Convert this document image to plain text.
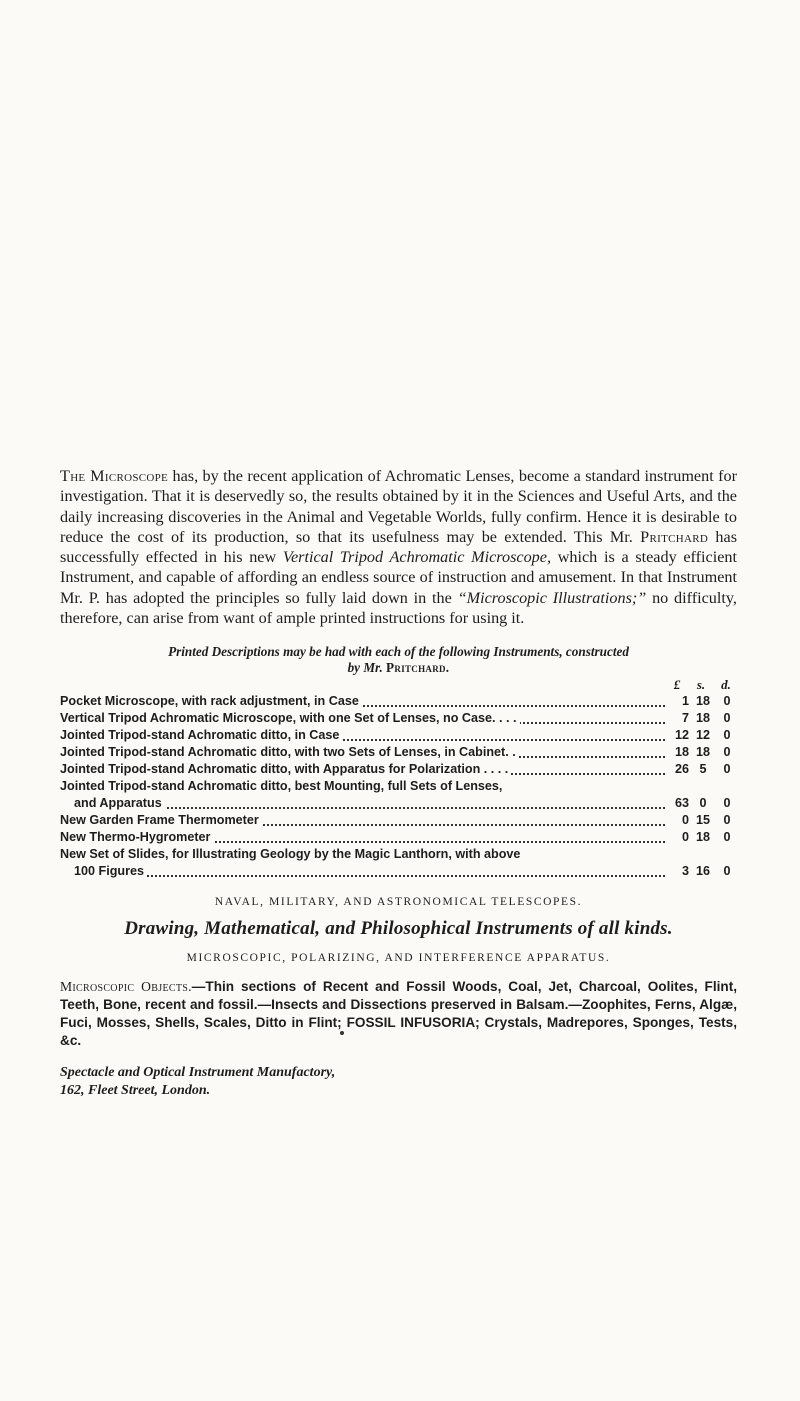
The Microscope has, by the recent application of Achromatic Lenses, become a standard instrument for investigation. That it is deservedly so, the results obtained by it in the Sciences and Useful Arts, and the daily increasing discoveries in the Animal and Vegetable Worlds, fully confirm. Hence it is desirable to reduce the cost of its production, so that its usefulness may be extended. This Mr. Pritchard has successfully effected in his new Vertical Tripod Achromatic Microscope, which is a steady efficient Instrument, and capable of affording an endless source of instruction and amusement. In that Instrument Mr. P. has adopted the principles so fully laid down in the “Microscopic Illustrations;” no difficulty, therefore, can arise from want of ample printed instructions for using it.

Printed Descriptions may be had with each of the following Instruments, constructed
by Mr. Pritchard.

£	s.	d.
Pocket Microscope, with rack adjustment, in Case	1 18	0
Vertical Tripod Achromatic Microscope, with one Set of Lenses, no Case. . . .	7 18	0
Jointed Tripod-stand Achromatic ditto, in Case	12 12	0
Jointed Tripod-stand Achromatic ditto, with two Sets of Lenses, in Cabinet. .	18 18	0
Jointed Tripod-stand Achromatic ditto, with Apparatus for Polarization . . . .	26 5	0
Jointed Tripod-stand Achromatic ditto, best Mounting, full Sets of Lenses,
and Apparatus	63 0	0
New Garden Frame Thermometer	0 15	0
New Thermo-Hygrometer	0 18	0
New Set of Slides, for Illustrating Geology by the Magic Lanthorn, with above
100 Figures	3 16	0

NAVAL, MILITARY, AND ASTRONOMICAL TELESCOPES.

Drawing, Mathematical, and Philosophical Instruments of all kinds.

MICROSCOPIC, POLARIZING, AND INTERFERENCE APPARATUS.

Microscopic Objects.—Thin sections of Recent and Fossil Woods, Coal, Jet, Charcoal, Oolites, Flint, Teeth, Bone, recent and fossil.—Insects and Dissections preserved in Balsam.—Zoophites, Ferns, Algæ, Fuci, Mosses, Shells, Scales, Ditto in Flint; FOSSIL INFUSORIA; Crystals, Madrepores, Sponges, Tests, &c.

Spectacle and Optical Instrument Manufactory,
162, Fleet Street, London.
